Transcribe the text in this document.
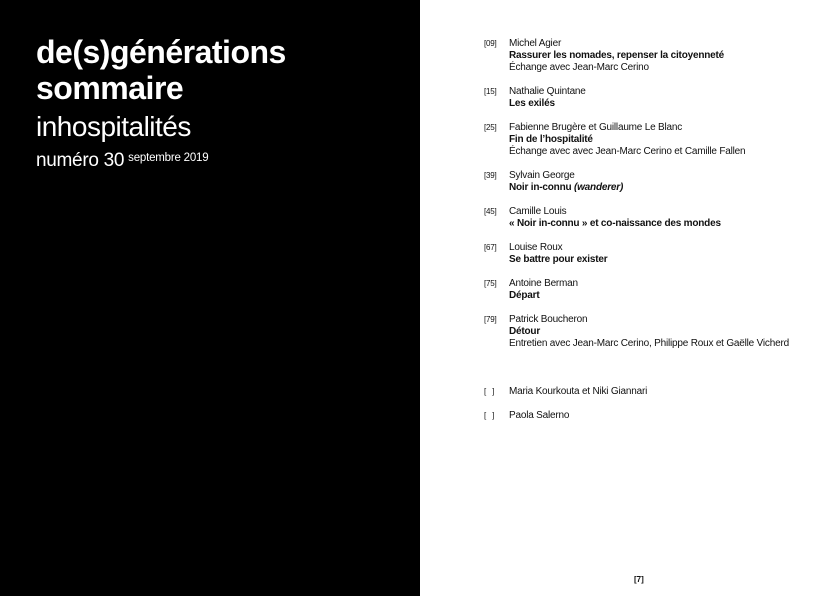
de(s)générations
sommaire
inhospitalités
numéro 30 $^{septembre 2019}$
[09] Michel Agier
Rassurer les nomades, repenser la citoyenneté
Échange avec Jean-Marc Cerino
[15] Nathalie Quintane
Les exilés
[25] Fabienne Brugère et Guillaume Le Blanc
Fin de l’hospitalité
Échange avec avec Jean-Marc Cerino et Camille Fallen
[39] Sylvain George
Noir in-connu (wanderer)
[45] Camille Louis
« Noir in-connu » et co-naissance des mondes
[67] Louise Roux
Se battre pour exister
[75] Antoine Berman
Départ
[79] Patrick Boucheron
Détour
Entretien avec Jean-Marc Cerino, Philippe Roux et Gaëlle Vicherd
[   ] Maria Kourkouta et Niki Giannari
[   ] Paola Salerno
[7]
